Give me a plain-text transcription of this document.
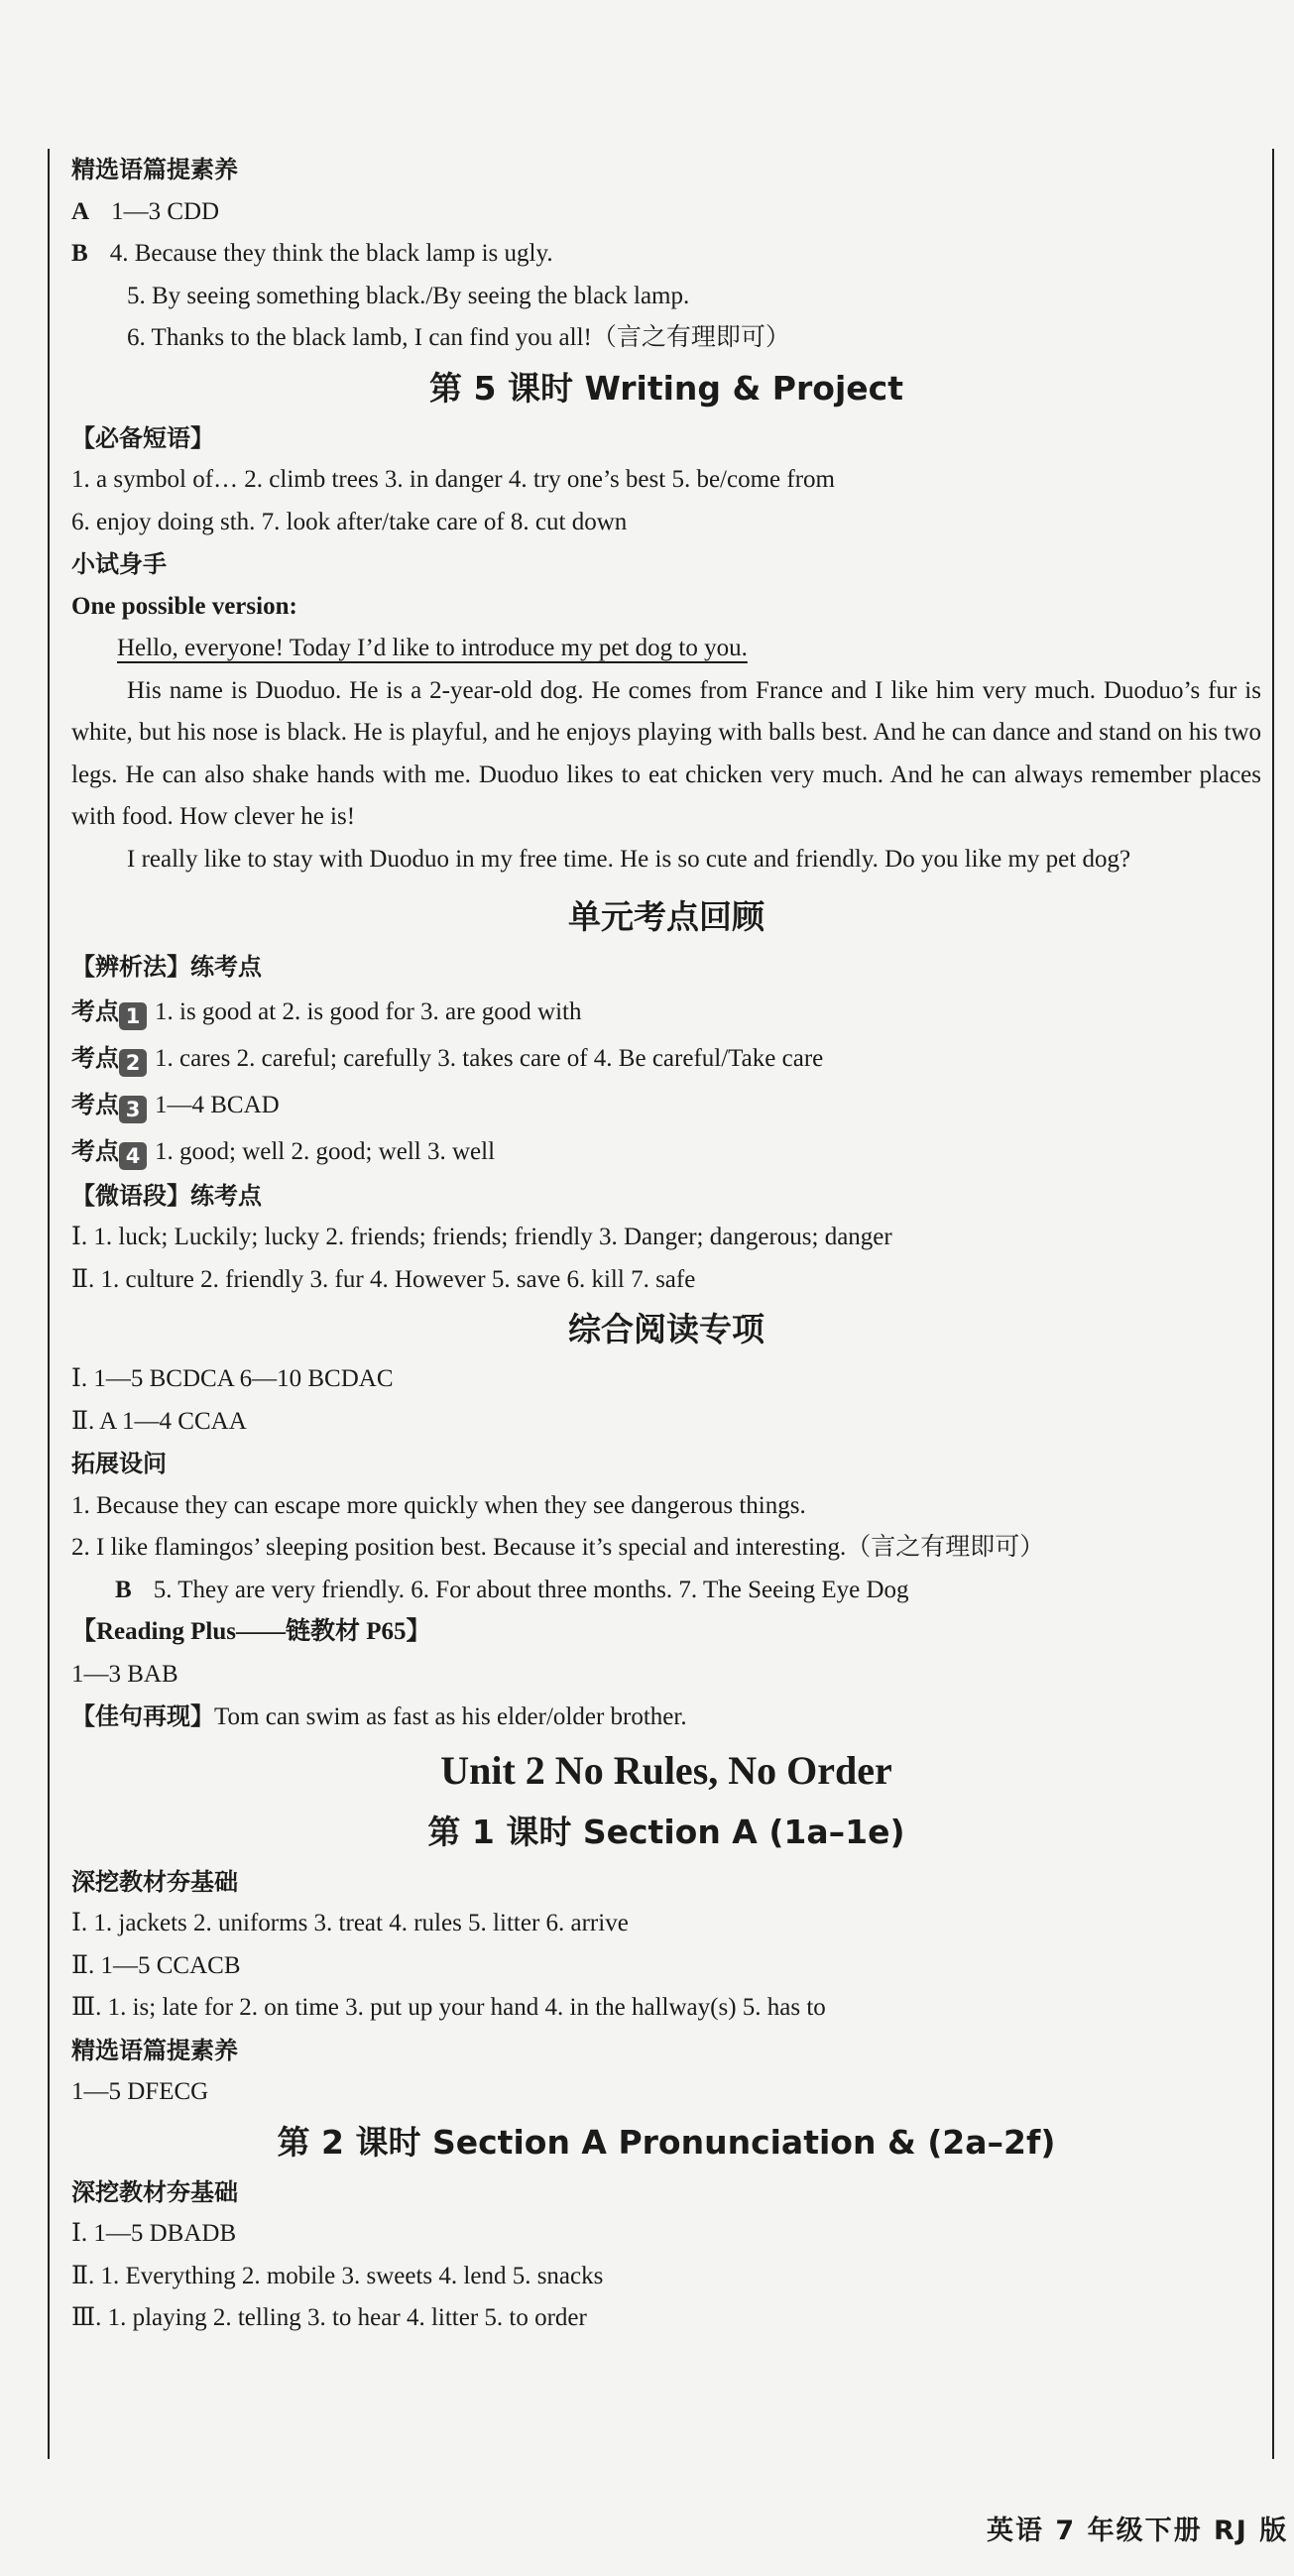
精选语篇提素养
A 1—3 CDD
B 4. Because they think the black lamp is ugly.
5. By seeing something black./By seeing the black lamp.
6. Thanks to the black lamb, I can find you all!（言之有理即可）
第 5 课时 Writing & Project
【必备短语】
1. a symbol of… 2. climb trees 3. in danger 4. try one’s best 5. be/come from
6. enjoy doing sth. 7. look after/take care of 8. cut down
小试身手
One possible version:
Hello, everyone! Today I’d like to introduce my pet dog to you.
His name is Duoduo. He is a 2-year-old dog. He comes from France and I like him very much. Duoduo’s fur is white, but his nose is black. He is playful, and he enjoys playing with balls best. And he can dance and stand on his two legs. He can also shake hands with me. Duoduo likes to eat chicken very much. And he can always remember places with food. How clever he is!
I really like to stay with Duoduo in my free time. He is so cute and friendly. Do you like my pet dog?
单元考点回顾
【辨析法】练考点
考点 1 1. is good at 2. is good for 3. are good with
考点 2 1. cares 2. careful; carefully 3. takes care of 4. Be careful/Take care
考点 3 1—4 BCAD
考点 4 1. good; well 2. good; well 3. well
【微语段】练考点
Ⅰ. 1. luck; Luckily; lucky 2. friends; friends; friendly 3. Danger; dangerous; danger
Ⅱ. 1. culture 2. friendly 3. fur 4. However 5. save 6. kill 7. safe
综合阅读专项
Ⅰ. 1—5 BCDCA 6—10 BCDAC
Ⅱ. A 1—4 CCAA
拓展设问
1. Because they can escape more quickly when they see dangerous things.
2. I like flamingos’ sleeping position best. Because it’s special and interesting.（言之有理即可）
B 5. They are very friendly. 6. For about three months. 7. The Seeing Eye Dog
【Reading Plus——链教材 P65】
1—3 BAB
【佳句再现】Tom can swim as fast as his elder/older brother.
Unit 2 No Rules, No Order
第 1 课时 Section A (1a–1e)
深挖教材夯基础
Ⅰ. 1. jackets 2. uniforms 3. treat 4. rules 5. litter 6. arrive
Ⅱ. 1—5 CCACB
Ⅲ. 1. is; late for 2. on time 3. put up your hand 4. in the hallway(s) 5. has to
精选语篇提素养
1—5 DFECG
第 2 课时 Section A Pronunciation & (2a–2f)
深挖教材夯基础
Ⅰ. 1—5 DBADB
Ⅱ. 1. Everything 2. mobile 3. sweets 4. lend 5. snacks
Ⅲ. 1. playing 2. telling 3. to hear 4. litter 5. to order
英语 7 年级下册 RJ 版
